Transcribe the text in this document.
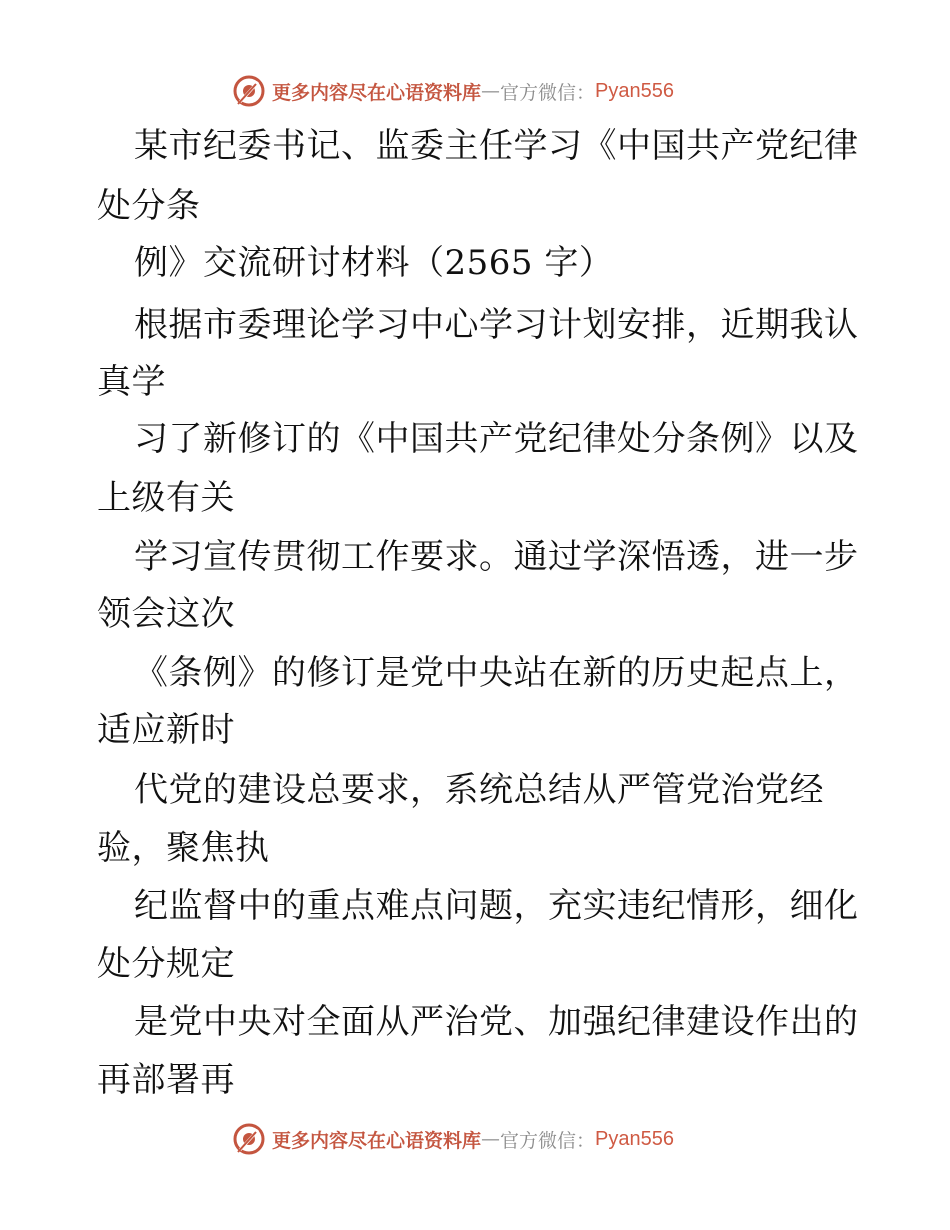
更多内容尽在心语资料库 — 官方微信： Pyan556
某市纪委书记、监委主任学习《中国共产党纪律
处分条
例》交流研讨材料（2565 字）
根据市委理论学习中心学习计划安排，近期我认
真学
习了新修订的《中国共产党纪律处分条例》以及
上级有关
学习宣传贯彻工作要求。通过学深悟透，进一步
领会这次
《条例》的修订是党中央站在新的历史起点上，
适应新时
代党的建设总要求，系统总结从严管党治党经
验，聚焦执
纪监督中的重点难点问题，充实违纪情形，细化
处分规定
是党中央对全面从严治党、加强纪律建设作出的
再部署再
更多内容尽在心语资料库 — 官方微信： Pyan556
